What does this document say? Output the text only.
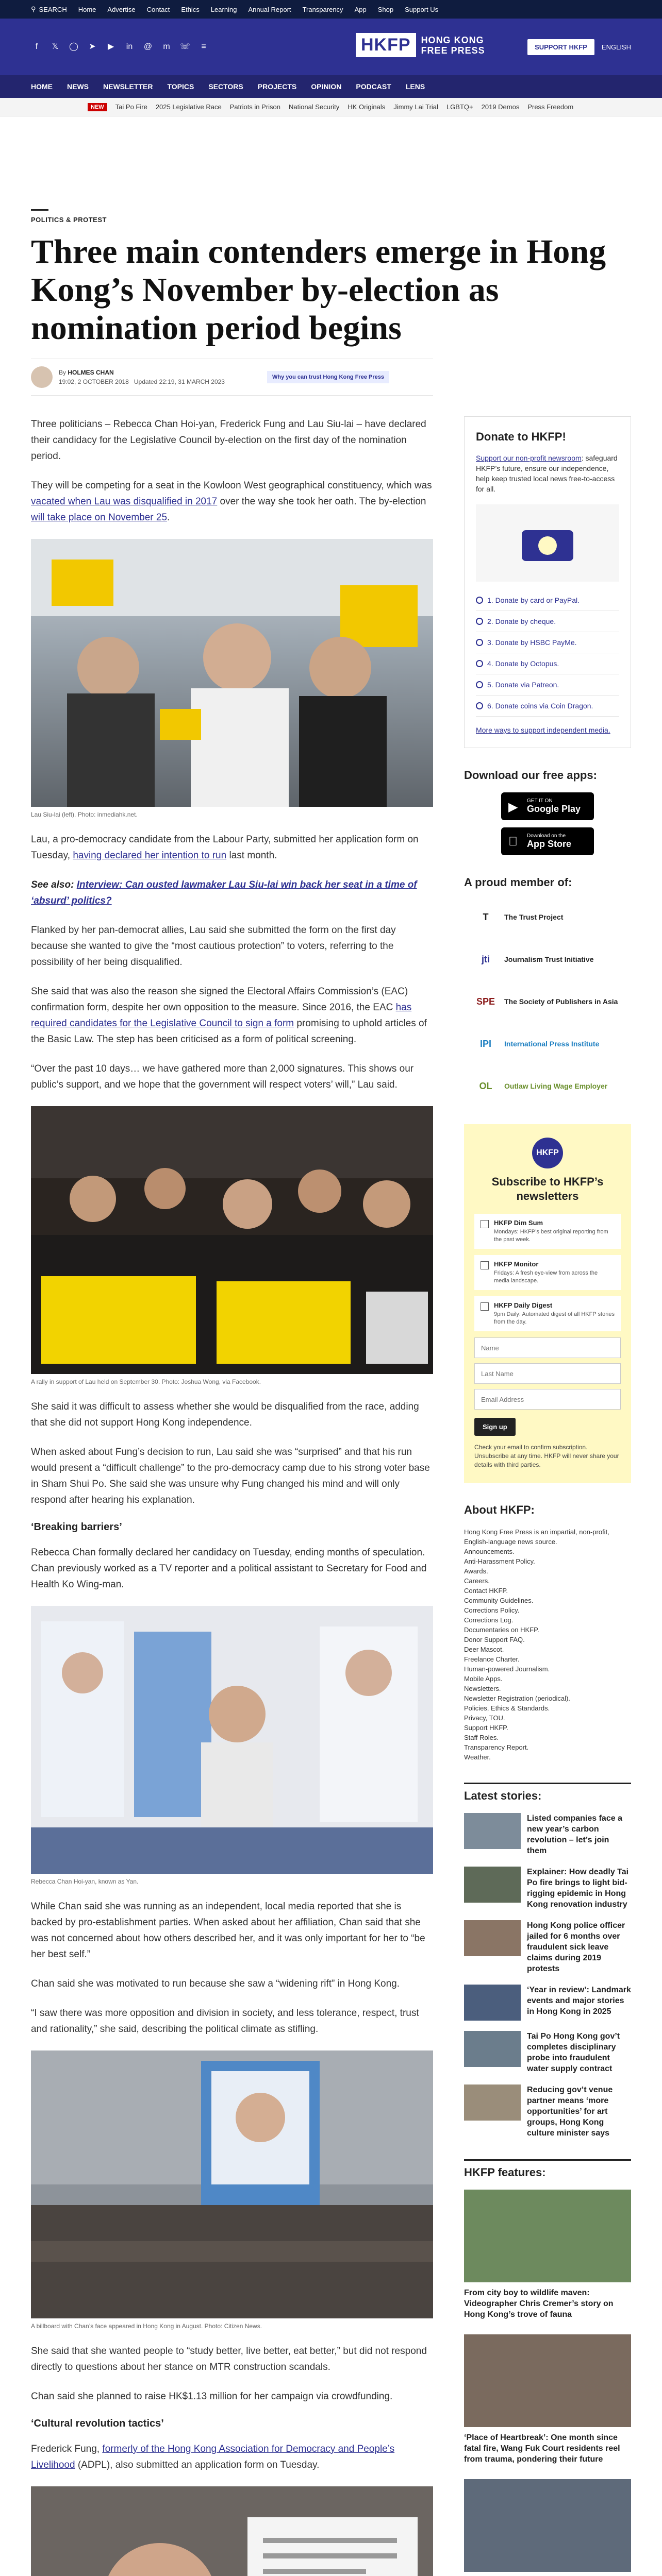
⚲ SEARCH Home Advertise Contact Ethics Learning Annual Report Transparency App Shop Support Us
f	𝕏 ◯ ➤	▶	in @ m ☏	≡	HKFP	HONG KONG
FREE PRESS	SUPPORT HKFP	ENGLISH
HOME NEWS NEWSLETTER TOPICS SECTORS PROJECTS OPINION PODCAST LENS
NEW	Tai Po Fire 2025 Legislative Race Patriots in Prison National Security HK Originals Jimmy Lai Trial LGBTQ+ 2019 Demos Press Freedom
POLITICS & PROTEST
Three main contenders emerge in Hong Kong’s November by-election as nomination period begins
By HOLMES CHAN
19:02, 2 OCTOBER 2018 Updated 22:19, 31 MARCH 2023
Why you can trust Hong Kong Free Press

Three politicians – Rebecca Chan Hoi-yan, Frederick Fung and Lau Siu-lai – have declared their candidacy for the Legislative Council by-election on the first day of the nomination period.

They will be competing for a seat in the Kowloon West geographical constituency, which was vacated when Lau was disqualified in 2017 over the way she took her oath. The by-election will take place on November 25.

Lau Siu-lai (left). Photo: inmediahk.net.

Lau, a pro-democracy candidate from the Labour Party, submitted her application form on Tuesday, having declared her intention to run last month.

See also: Interview: Can ousted lawmaker Lau Siu-lai win back her seat in a time of ‘absurd’ politics?

Flanked by her pan-democrat allies, Lau said she submitted the form on the first day because she wanted to give the “most cautious protection” to voters, referring to the possibility of her being disqualified.

She said that was also the reason she signed the Electoral Affairs Commission’s (EAC) confirmation form, despite her own opposition to the measure. Since 2016, the EAC has required candidates for the Legislative Council to sign a form promising to uphold articles of the Basic Law. The step has been criticised as a form of political screening.

“Over the past 10 days… we have gathered more than 2,000 signatures. This shows our public’s support, and we hope that the government will respect voters’ will,” Lau said.

A rally in support of Lau held on September 30. Photo: Joshua Wong, via Facebook.

She said it was difficult to assess whether she would be disqualified from the race, adding that she did not support Hong Kong independence.

When asked about Fung’s decision to run, Lau said she was “surprised” and that his run would present a “difficult challenge” to the pro-democracy camp due to his strong voter base in Sham Shui Po. She said she was unsure why Fung changed his mind and will only respond after hearing his explanation.

‘Breaking barriers’

Rebecca Chan formally declared her candidacy on Tuesday, ending months of speculation. Chan previously worked as a TV reporter and a political assistant to Secretary for Food and Health Ko Wing-man.

Rebecca Chan Hoi-yan, known as Yan.

While Chan said she was running as an independent, local media reported that she is backed by pro-establishment parties. When asked about her affiliation, Chan said that she was not concerned about how others described her, and it was only important for her to “be her best self.”

Chan said she was motivated to run because she saw a “widening rift” in Hong Kong.

“I saw there was more opposition and division in society, and less tolerance, respect, trust and rationality,” she said, describing the political climate as stifling.

A billboard with Chan’s face appeared in Hong Kong in August. Photo: Citizen News.

She said that she wanted people to “study better, live better, eat better,” but did not respond directly to questions about her stance on MTR construction scandals.

Chan said she planned to raise HK$1.13 million for her campaign via crowdfunding.

‘Cultural revolution tactics’

Frederick Fung, formerly of the Hong Kong Association for Democracy and People’s Livelihood (ADPL), also submitted an application form on Tuesday.

Donate to HKFP!
Support our non-profit newsroom: safeguard HKFP’s future, ensure our independence, help keep trusted local news free-to-access for all.
1. Donate by card or PayPal.
2. Donate by cheque.
3. Donate by HSBC PayMe.
4. Donate by Octopus.
5. Donate via Patreon.
6. Donate coins via Coin Dragon.
More ways to support independent media.
Download our free apps:
▶ GET IT ON
Google Play
Download on the
App Store
A proud member of:
T	The Trust Project
jti	Journalism Trust Initiative
SPE The Society of Publishers in Asia
IPI	International Press Institute
OL	Outlaw Living Wage Employer
HKFP
Subscribe to HKFP’s newsletters
HKFP Dim Sum
Mondays: HKFP’s best original reporting from the past week.
HKFP Monitor
Fridays: A fresh eye-view from across the media landscape.
HKFP Daily Digest
9pm Daily: Automated digest of all HKFP stories from the day.
Name Last Name Email Address Sign up
Check your email to confirm subscription. Unsubscribe at any time. HKFP will never share your details with third parties.
About HKFP:
Hong Kong Free Press is an impartial, non-profit, English-language news source.
Announcements.
Anti-Harassment Policy.
Awards.
Careers.
Contact HKFP.
Community Guidelines.
Corrections Policy.
Corrections Log.
Documentaries on HKFP.
Donor Support FAQ.
Deer Mascot.
Freelance Charter.
Human-powered Journalism.
Mobile Apps.
Newsletters.
Newsletter Registration (periodical).
Policies, Ethics & Standards.
Privacy, TOU.
Support HKFP.
Staff Roles.
Transparency Report.
Weather.
Latest stories:
Listed companies face a new year’s carbon revolution – let’s join them
Explainer: How deadly Tai Po fire brings to light bid-rigging epidemic in Hong Kong renovation industry
Hong Kong police officer jailed for 6 months over fraudulent sick leave claims during 2019 protests
‘Year in review’: Landmark events and major stories in Hong Kong in 2025
Tai Po Hong Kong gov’t completes disciplinary probe into fraudulent water supply contract
Reducing gov’t venue partner means ‘more opportunities’ for art groups, Hong Kong culture minister says
HKFP features:
From city boy to wildlife maven: Videographer Chris Cremer’s story on Hong Kong’s trove of fauna
‘Place of Heartbreak’: One month since fatal fire, Wang Fuk Court residents reel from trauma, pondering their future
